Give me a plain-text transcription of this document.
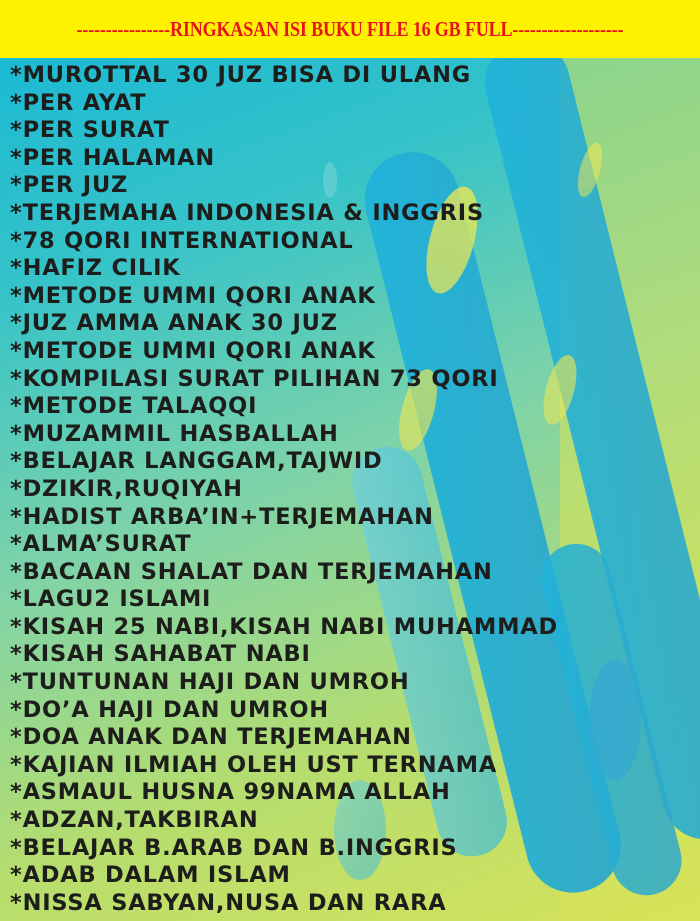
----------------RINGKASAN ISI BUKU FILE 16 GB FULL-------------------
*MUROTTAL 30 JUZ BISA DI ULANG
*PER AYAT
*PER SURAT
*PER HALAMAN
*PER JUZ
*TERJEMAHA INDONESIA & INGGRIS
*78 QORI INTERNATIONAL
*HAFIZ CILIK
*METODE UMMI QORI ANAK
*JUZ AMMA ANAK 30 JUZ
*METODE UMMI QORI ANAK
*KOMPILASI SURAT PILIHAN 73 QORI
*METODE TALAQQI
*MUZAMMIL HASBALLAH
*BELAJAR LANGGAM,TAJWID
*DZIKIR,RUQIYAH
*HADIST ARBA’IN+TERJEMAHAN
*ALMA’SURAT
*BACAAN SHALAT DAN TERJEMAHAN
*LAGU2 ISLAMI
*KISAH 25 NABI,KISAH NABI MUHAMMAD
*KISAH SAHABAT NABI
*TUNTUNAN HAJI DAN UMROH
*DO’A HAJI DAN UMROH
*DOA ANAK DAN TERJEMAHAN
*KAJIAN ILMIAH OLEH UST TERNAMA
*ASMAUL HUSNA 99NAMA ALLAH
*ADZAN,TAKBIRAN
*BELAJAR B.ARAB DAN B.INGGRIS
*ADAB DALAM ISLAM
*NISSA SABYAN,NUSA DAN RARA
